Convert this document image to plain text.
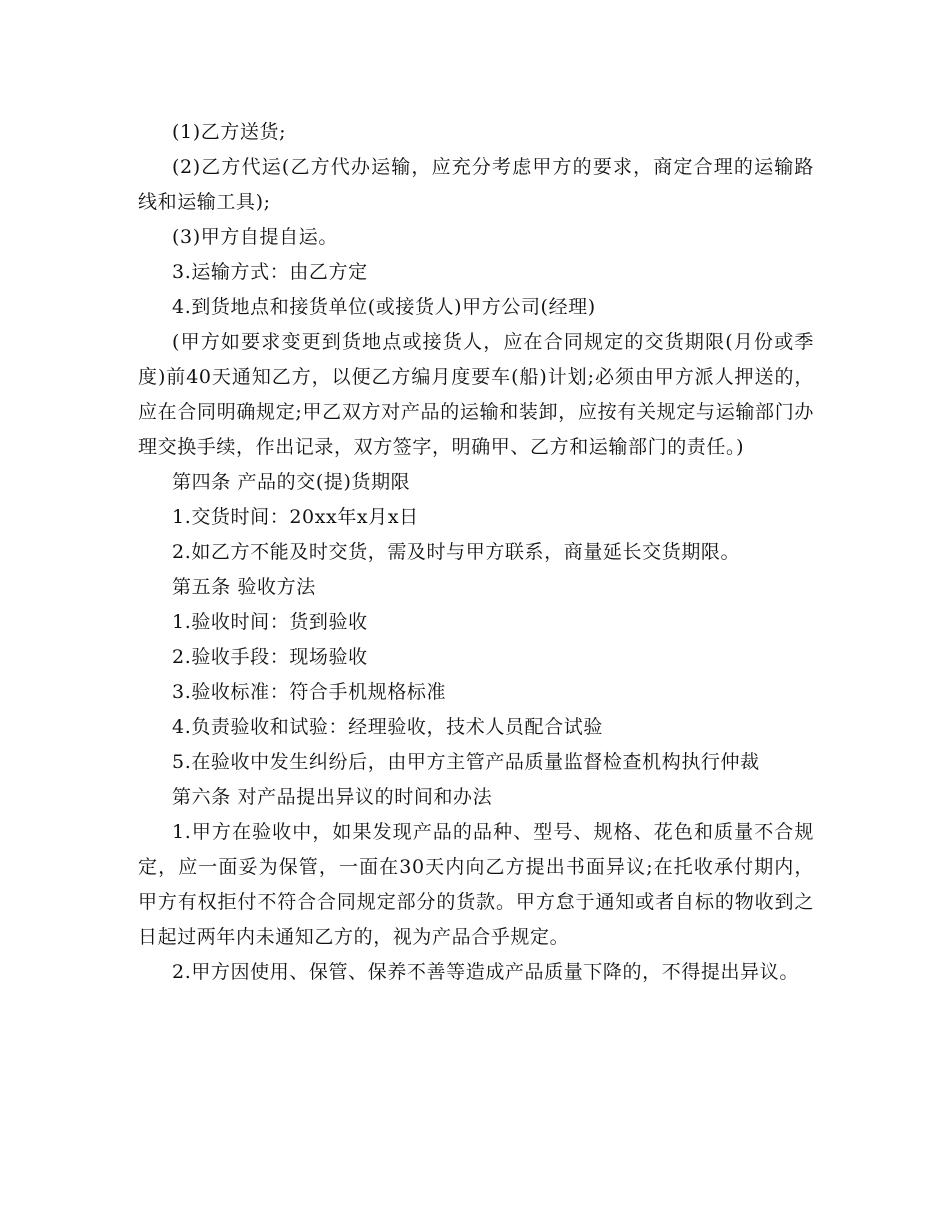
(1)乙方送货;

(2)乙方代运(乙方代办运输，应充分考虑甲方的要求，商定合理的运输路线和运输工具);

(3)甲方自提自运。

3.运输方式：由乙方定

4.到货地点和接货单位(或接货人)甲方公司(经理)

(甲方如要求变更到货地点或接货人，应在合同规定的交货期限(月份或季度)前40天通知乙方，以便乙方编月度要车(船)计划;必须由甲方派人押送的，应在合同明确规定;甲乙双方对产品的运输和装卸，应按有关规定与运输部门办理交换手续，作出记录，双方签字，明确甲、乙方和运输部门的责任。)

第四条 产品的交(提)货期限

1.交货时间：20xx年x月x日

2.如乙方不能及时交货，需及时与甲方联系，商量延长交货期限。

第五条 验收方法

1.验收时间：货到验收

2.验收手段：现场验收

3.验收标准：符合手机规格标准

4.负责验收和试验：经理验收，技术人员配合试验

5.在验收中发生纠纷后，由甲方主管产品质量监督检查机构执行仲裁

第六条 对产品提出异议的时间和办法

1.甲方在验收中，如果发现产品的品种、型号、规格、花色和质量不合规定，应一面妥为保管，一面在30天内向乙方提出书面异议;在托收承付期内，甲方有权拒付不符合合同规定部分的货款。甲方怠于通知或者自标的物收到之日起过两年内未通知乙方的，视为产品合乎规定。

2.甲方因使用、保管、保养不善等造成产品质量下降的，不得提出异议。
